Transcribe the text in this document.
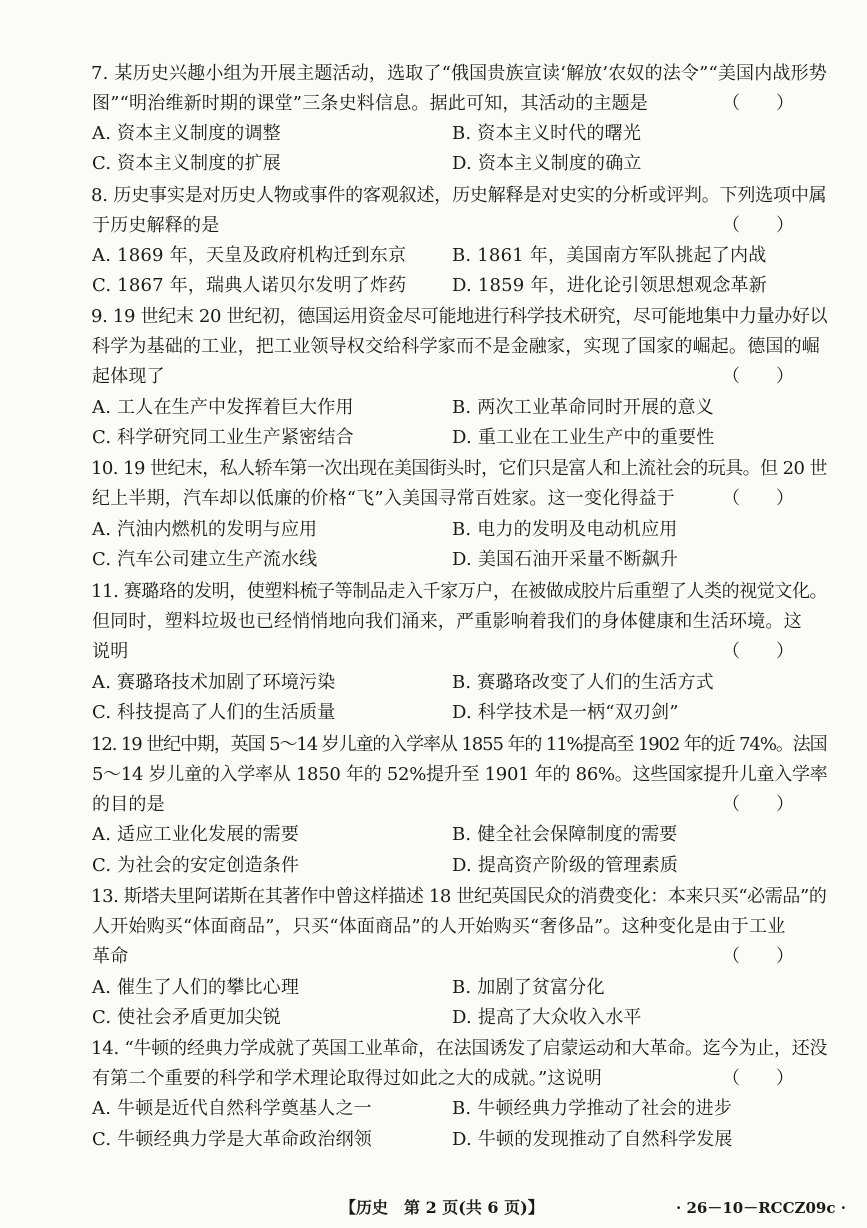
7. 某历史兴趣小组为开展主题活动，选取了“俄国贵族宣读‘解放’农奴的法令”“美国内战形势
图”“明治维新时期的课堂”三条史料信息。据此可知，其活动的主题是	（　　）
A. 资本主义制度的调整	B. 资本主义时代的曙光
C. 资本主义制度的扩展	D. 资本主义制度的确立
8. 历史事实是对历史人物或事件的客观叙述，历史解释是对史实的分析或评判。下列选项中属
于历史解释的是	（　　）
A. 1869 年，天皇及政府机构迁到东京	B. 1861 年，美国南方军队挑起了内战
C. 1867 年，瑞典人诺贝尔发明了炸药	D. 1859 年，进化论引领思想观念革新
9. 19 世纪末 20 世纪初，德国运用资金尽可能地进行科学技术研究，尽可能地集中力量办好以
科学为基础的工业，把工业领导权交给科学家而不是金融家，实现了国家的崛起。德国的崛
起体现了	（　　）
A. 工人在生产中发挥着巨大作用	B. 两次工业革命同时开展的意义
C. 科学研究同工业生产紧密结合	D. 重工业在工业生产中的重要性
10. 19 世纪末，私人轿车第一次出现在美国街头时，它们只是富人和上流社会的玩具。但 20 世
纪上半期，汽车却以低廉的价格“飞”入美国寻常百姓家。这一变化得益于	（　　）
A. 汽油内燃机的发明与应用	B. 电力的发明及电动机应用
C. 汽车公司建立生产流水线	D. 美国石油开采量不断飙升
11. 赛璐珞的发明，使塑料梳子等制品走入千家万户，在被做成胶片后重塑了人类的视觉文化。
但同时，塑料垃圾也已经悄悄地向我们涌来，严重影响着我们的身体健康和生活环境。这
说明	（　　）
A. 赛璐珞技术加剧了环境污染	B. 赛璐珞改变了人们的生活方式
C. 科技提高了人们的生活质量	D. 科学技术是一柄“双刃剑”
12. 19 世纪中期，英国 5～14 岁儿童的入学率从 1855 年的 11%提高至 1902 年的近 74%。法国
5～14 岁儿童的入学率从 1850 年的 52%提升至 1901 年的 86%。这些国家提升儿童入学率
的目的是	（　　）
A. 适应工业化发展的需要	B. 健全社会保障制度的需要
C. 为社会的安定创造条件	D. 提高资产阶级的管理素质
13. 斯塔夫里阿诺斯在其著作中曾这样描述 18 世纪英国民众的消费变化：本来只买“必需品”的
人开始购买“体面商品”，只买“体面商品”的人开始购买“奢侈品”。这种变化是由于工业
革命	（　　）
A. 催生了人们的攀比心理	B. 加剧了贫富分化
C. 使社会矛盾更加尖锐	D. 提高了大众收入水平
14. “牛顿的经典力学成就了英国工业革命，在法国诱发了启蒙运动和大革命。迄今为止，还没
有第二个重要的科学和学术理论取得过如此之大的成就。”这说明	（　　）
A. 牛顿是近代自然科学奠基人之一	B. 牛顿经典力学推动了社会的进步
C. 牛顿经典力学是大革命政治纲领	D. 牛顿的发现推动了自然科学发展
【历史　第 2 页(共 6 页)】	· 26－10－RCCZ09c ·
